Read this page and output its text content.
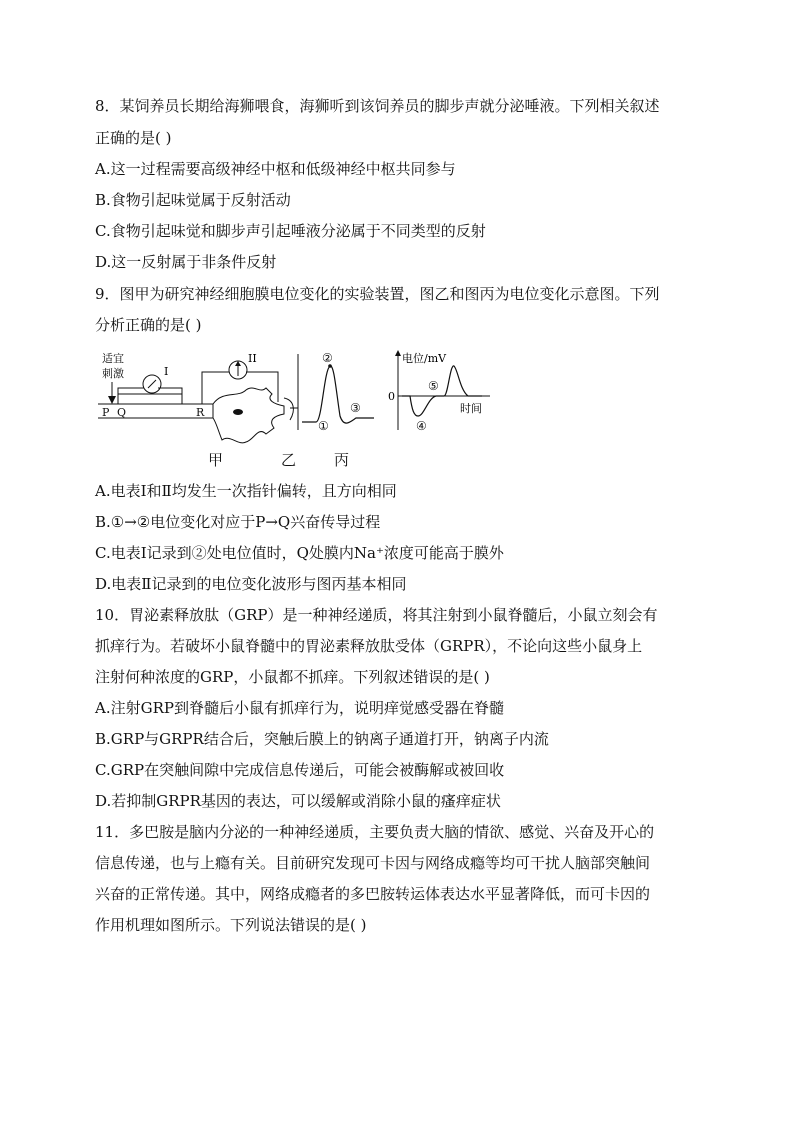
8．某饲养员长期给海狮喂食，海狮听到该饲养员的脚步声就分泌唾液。下列相关叙述
正确的是( )
A.这一过程需要高级神经中枢和低级神经中枢共同参与
B.食物引起味觉属于反射活动
C.食物引起味觉和脚步声引起唾液分泌属于不同类型的反射
D.这一反射属于非条件反射
9．图甲为研究神经细胞膜电位变化的实验装置，图乙和图丙为电位变化示意图。下列
分析正确的是( )
适宜
刺激	I
P Q	R
II	②
①
③
0
电位/mV
时间
⑤
④
甲	乙	丙
A.电表Ⅰ和Ⅱ均发生一次指针偏转，且方向相同
B.①→②电位变化对应于P→Q兴奋传导过程
C.电表Ⅰ记录到②处电位值时，Q处膜内Na⁺浓度可能高于膜外
D.电表Ⅱ记录到的电位变化波形与图丙基本相同
10．胃泌素释放肽（GRP）是一种神经递质，将其注射到小鼠脊髓后，小鼠立刻会有
抓痒行为。若破坏小鼠脊髓中的胃泌素释放肽受体（GRPR），不论向这些小鼠身上
注射何种浓度的GRP，小鼠都不抓痒。下列叙述错误的是( )
A.注射GRP到脊髓后小鼠有抓痒行为，说明痒觉感受器在脊髓
B.GRP与GRPR结合后，突触后膜上的钠离子通道打开，钠离子内流
C.GRP在突触间隙中完成信息传递后，可能会被酶解或被回收
D.若抑制GRPR基因的表达，可以缓解或消除小鼠的瘙痒症状
11．多巴胺是脑内分泌的一种神经递质，主要负责大脑的情欲、感觉、兴奋及开心的
信息传递，也与上瘾有关。目前研究发现可卡因与网络成瘾等均可干扰人脑部突触间
兴奋的正常传递。其中，网络成瘾者的多巴胺转运体表达水平显著降低，而可卡因的
作用机理如图所示。下列说法错误的是( )
